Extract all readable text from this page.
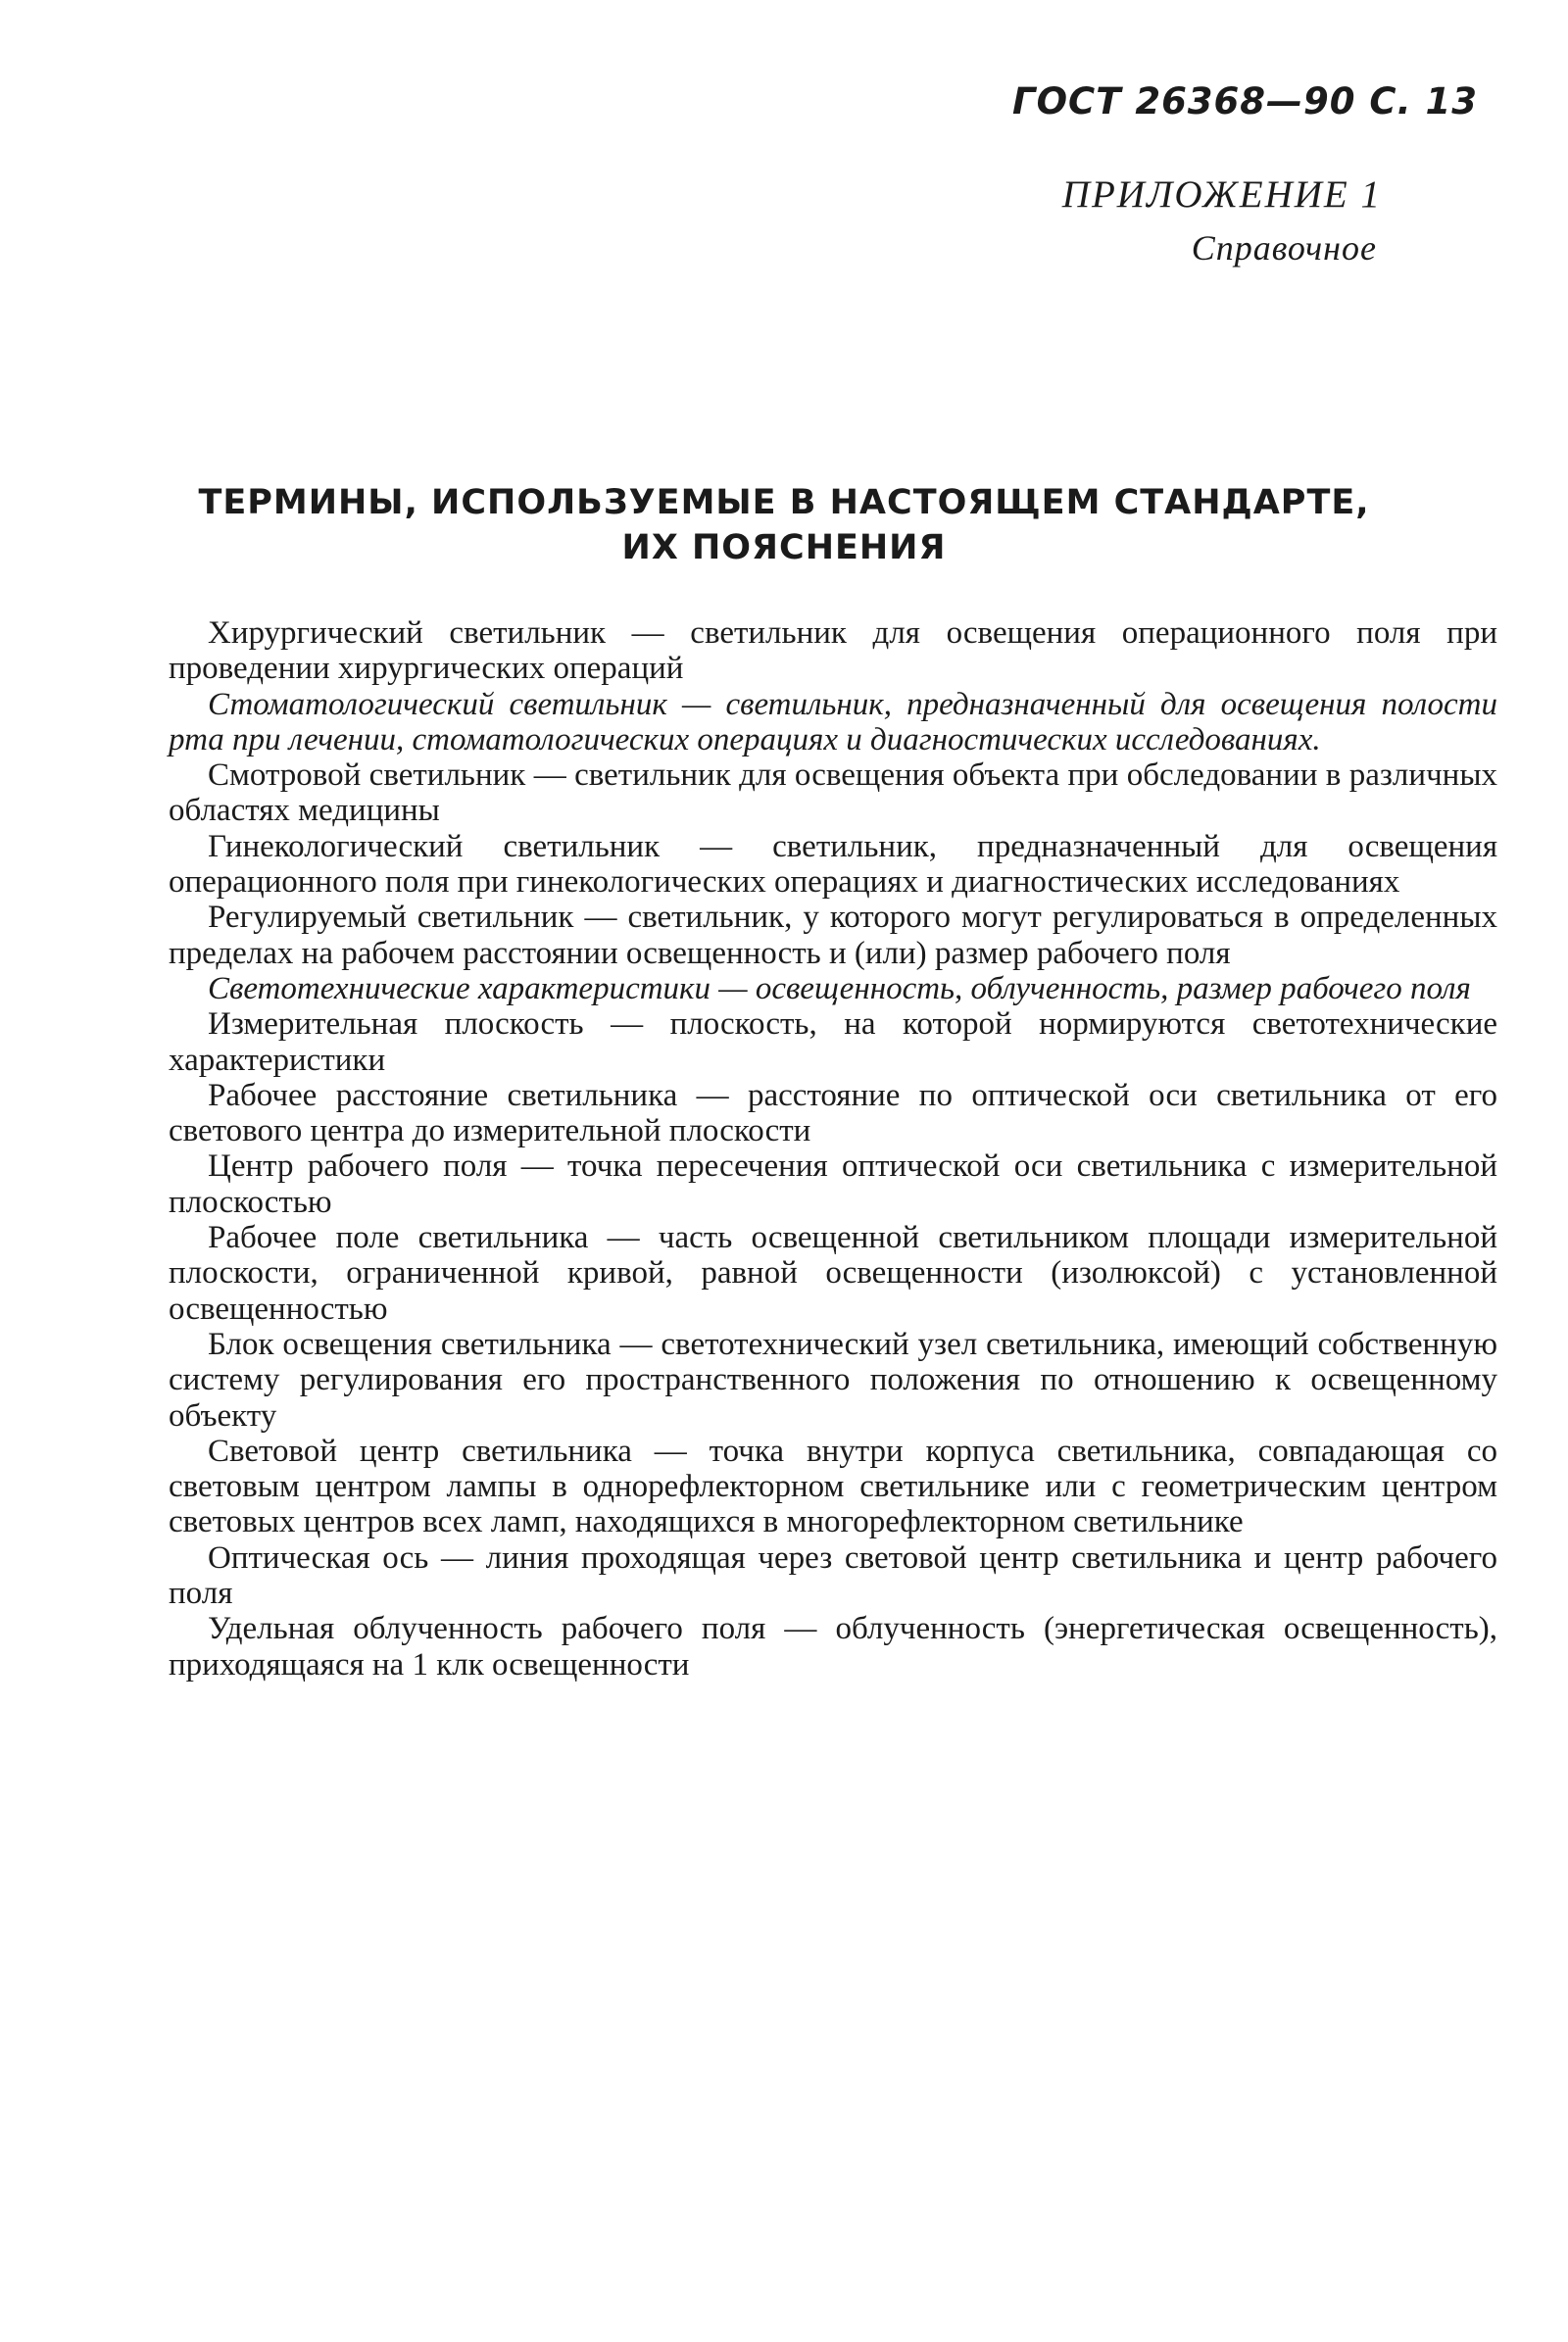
ГОСТ 26368—90 С. 13
ПРИЛОЖЕНИЕ 1
Справочное
ТЕРМИНЫ, ИСПОЛЬЗУЕМЫЕ В НАСТОЯЩЕМ СТАНДАРТЕ,
ИХ ПОЯСНЕНИЯ

Хирургический светильник — светильник для освещения операционного поля при проведении хирургических операций

Стоматологический светильник — светильник, предназначенный для освещения полости рта при лечении, стоматологических операциях и диагностических исследованиях.

Смотровой светильник — светильник для освещения объекта при обследовании в различных областях медицины

Гинекологический светильник — светильник, предназначенный для освещения операционного поля при гинекологических операциях и диагностических исследованиях

Регулируемый светильник — светильник, у которого могут регулироваться в определенных пределах на рабочем расстоянии освещенность и (или) размер рабочего поля

Светотехнические характеристики — освещенность, облученность, размер рабочего поля

Измерительная плоскость — плоскость, на которой нормируются светотехнические характеристики

Рабочее расстояние светильника — расстояние по оптической оси светильника от его светового центра до измерительной плоскости

Центр рабочего поля — точка пересечения оптической оси светильника с измерительной плоскостью

Рабочее поле светильника — часть освещенной светильником площади измерительной плоскости, ограниченной кривой, равной освещенности (изолюксой) с установленной освещенностью

Блок освещения светильника — светотехнический узел светильника, имеющий собственную систему регулирования его пространственного положения по отношению к освещенному объекту

Световой центр светильника — точка внутри корпуса светильника, совпадающая со световым центром лампы в однорефлекторном светильнике или с геометрическим центром световых центров всех ламп, находящихся в многорефлекторном светильнике

Оптическая ось — линия проходящая через световой центр светильника и центр рабочего поля

Удельная облученность рабочего поля — облученность (энергетическая освещенность), приходящаяся на 1 клк освещенности
